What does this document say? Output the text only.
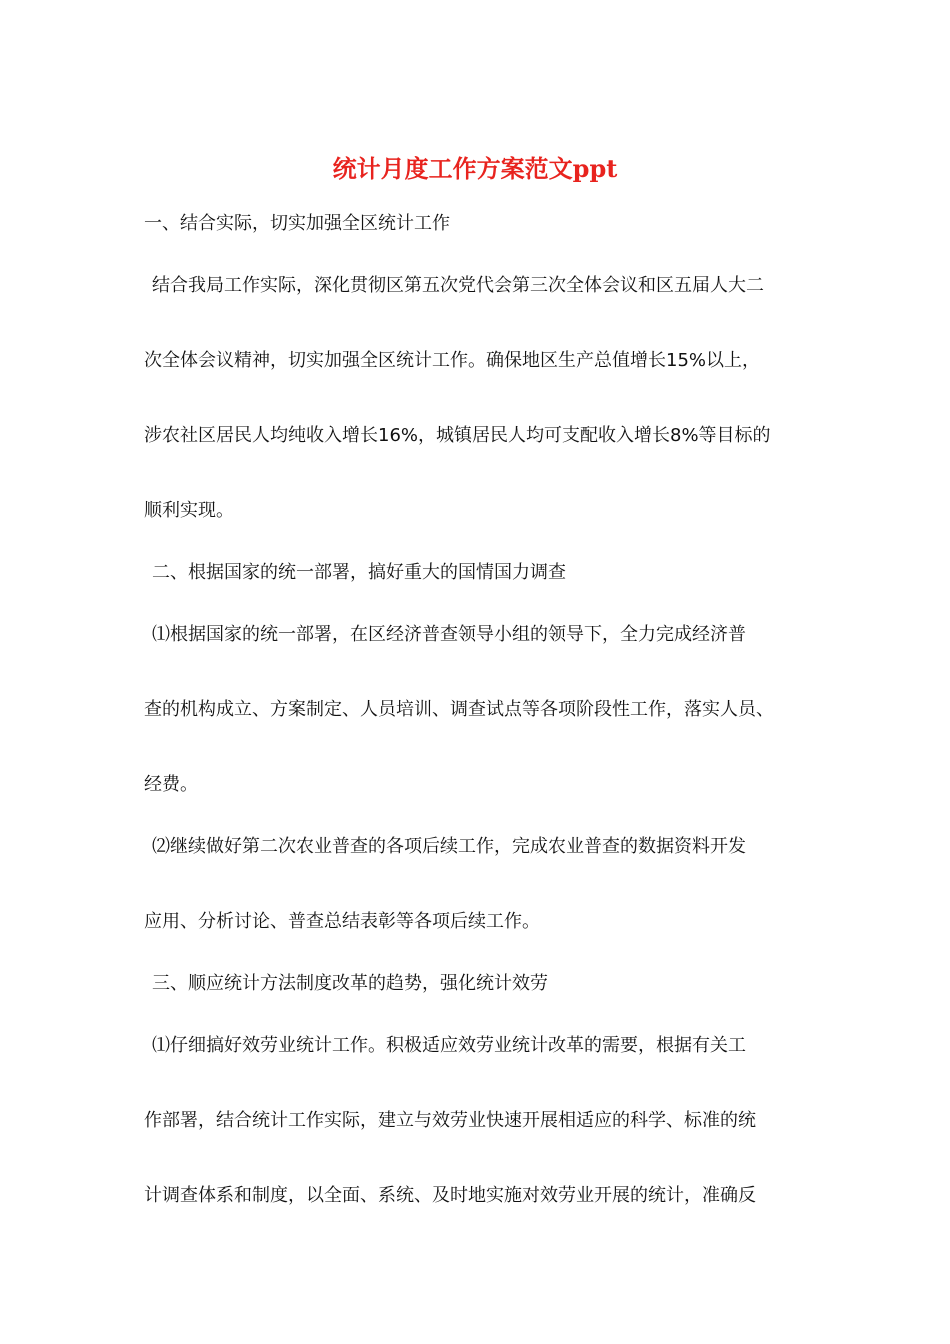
统计月度工作方案范文ppt
一、结合实际，切实加强全区统计工作
结合我局工作实际，深化贯彻区第五次党代会第三次全体会议和区五届人大二
次全体会议精神，切实加强全区统计工作。确保地区生产总值增长15%以上，
涉农社区居民人均纯收入增长16%，城镇居民人均可支配收入增长8%等目标的
顺利实现。
二、根据国家的统一部署，搞好重大的国情国力调查
⑴根据国家的统一部署，在区经济普查领导小组的领导下，全力完成经济普
查的机构成立、方案制定、人员培训、调查试点等各项阶段性工作，落实人员、
经费。
⑵继续做好第二次农业普查的各项后续工作，完成农业普查的数据资料开发
应用、分析讨论、普查总结表彰等各项后续工作。
三、顺应统计方法制度改革的趋势，强化统计效劳
⑴仔细搞好效劳业统计工作。积极适应效劳业统计改革的需要，根据有关工
作部署，结合统计工作实际，建立与效劳业快速开展相适应的科学、标准的统
计调查体系和制度，以全面、系统、及时地实施对效劳业开展的统计，准确反
